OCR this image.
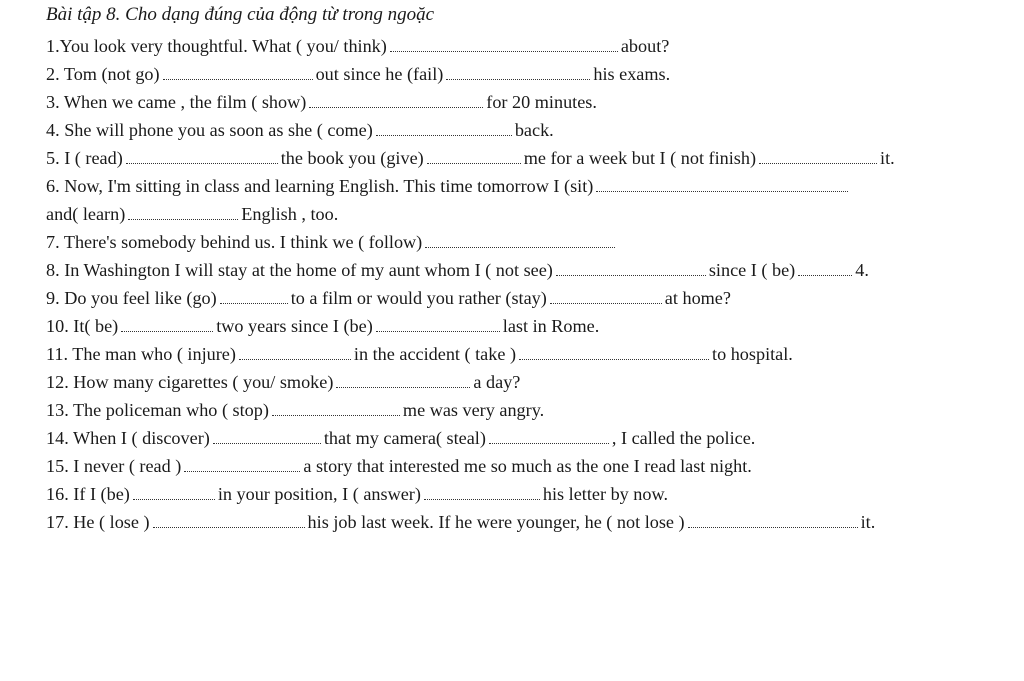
Bài tập 8. Cho dạng đúng của động từ trong ngoặc
1.You look very thoughtful. What ( you/ think)	about?
2. Tom (not go)	out since he (fail)	his exams.
3. When we came , the film ( show)	for 20 minutes.
4. She will phone you as soon as she ( come)	back.
5. I ( read)	the book you (give)	me for a week but I ( not finish)	it.
6. Now, I'm sitting in class and learning English. This time tomorrow I (sit)
and( learn)	English , too.
7. There's somebody behind us. I think we ( follow)
8. In Washington I will stay at the home of my aunt whom I ( not see)	since I ( be)	4.
9. Do you feel like (go)	to a film or would you rather (stay)	at home?
10. It( be)	two years since I (be)	last in Rome.
11. The man who ( injure)	in the accident ( take )	to hospital.
12. How many cigarettes ( you/ smoke)	a day?
13. The policeman who ( stop)	me was very angry.
14. When I ( discover)	that my camera( steal)	, I called the police.
15. I never ( read )	a story that interested me so much as the one I read last night.
16. If I (be)	in your position, I ( answer)	his letter by now.
17. He ( lose )	his job last week. If he were younger, he ( not lose )	it.
